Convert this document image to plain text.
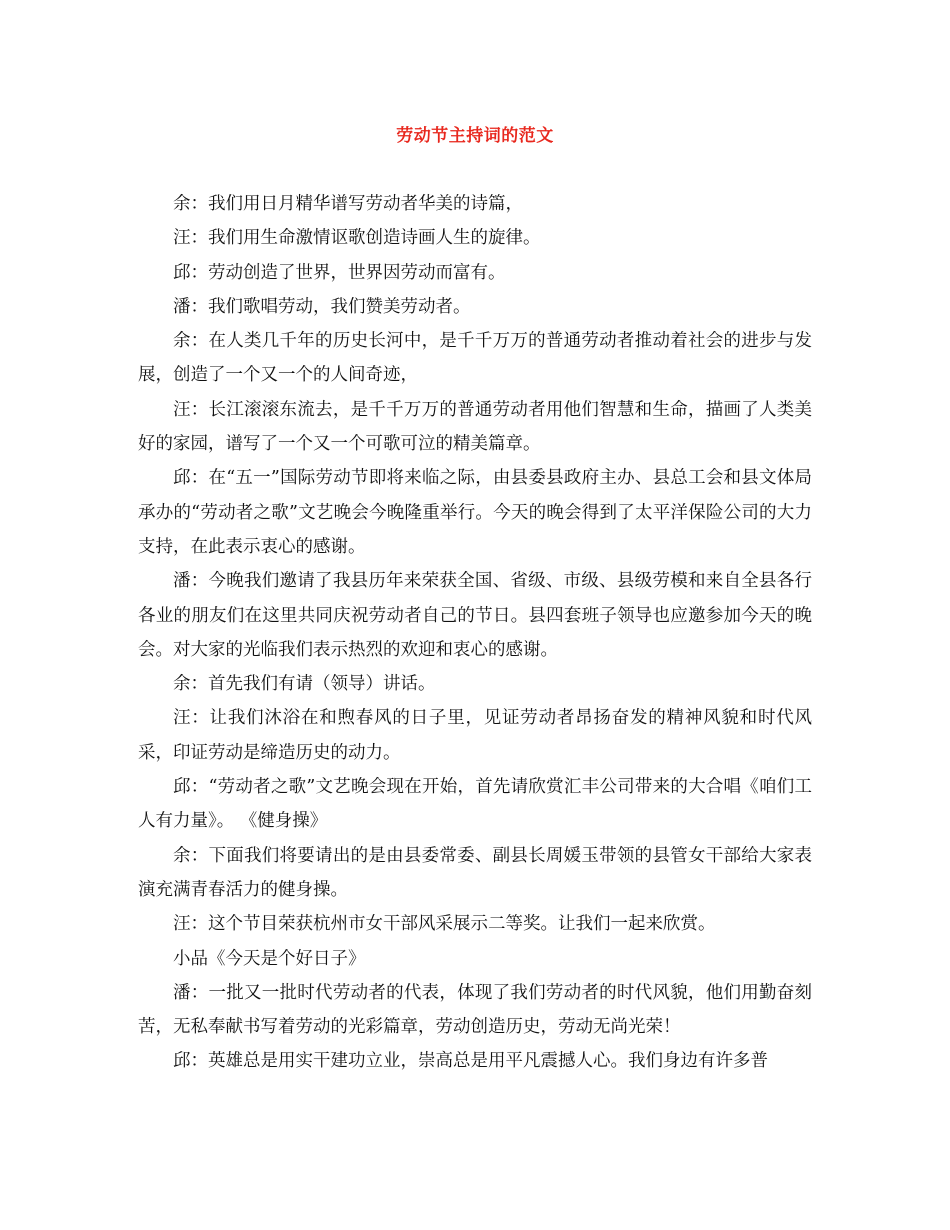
劳动节主持词的范文

余：我们用日月精华谱写劳动者华美的诗篇，

汪：我们用生命激情讴歌创造诗画人生的旋律。

邱：劳动创造了世界，世界因劳动而富有。

潘：我们歌唱劳动，我们赞美劳动者。

余：在人类几千年的历史长河中，是千千万万的普通劳动者推动着社会的进步与发展，创造了一个又一个的人间奇迹，

汪：长江滚滚东流去，是千千万万的普通劳动者用他们智慧和生命，描画了人类美好的家园，谱写了一个又一个可歌可泣的精美篇章。

邱：在“五一”国际劳动节即将来临之际，由县委县政府主办、县总工会和县文体局承办的“劳动者之歌”文艺晚会今晚隆重举行。今天的晚会得到了太平洋保险公司的大力支持，在此表示衷心的感谢。

潘：今晚我们邀请了我县历年来荣获全国、省级、市级、县级劳模和来自全县各行各业的朋友们在这里共同庆祝劳动者自己的节日。县四套班子领导也应邀参加今天的晚会。对大家的光临我们表示热烈的欢迎和衷心的感谢。

余：首先我们有请（领导）讲话。

汪：让我们沐浴在和煦春风的日子里，见证劳动者昂扬奋发的精神风貌和时代风采，印证劳动是缔造历史的动力。

邱：“劳动者之歌”文艺晚会现在开始，首先请欣赏汇丰公司带来的大合唱《咱们工人有力量》。 《健身操》

余：下面我们将要请出的是由县委常委、副县长周媛玉带领的县管女干部给大家表演充满青春活力的健身操。

汪：这个节目荣获杭州市女干部风采展示二等奖。让我们一起来欣赏。

小品《今天是个好日子》

潘：一批又一批时代劳动者的代表，体现了我们劳动者的时代风貌，他们用勤奋刻苦，无私奉献书写着劳动的光彩篇章，劳动创造历史，劳动无尚光荣！

邱：英雄总是用实干建功立业，崇高总是用平凡震撼人心。我们身边有许多普
